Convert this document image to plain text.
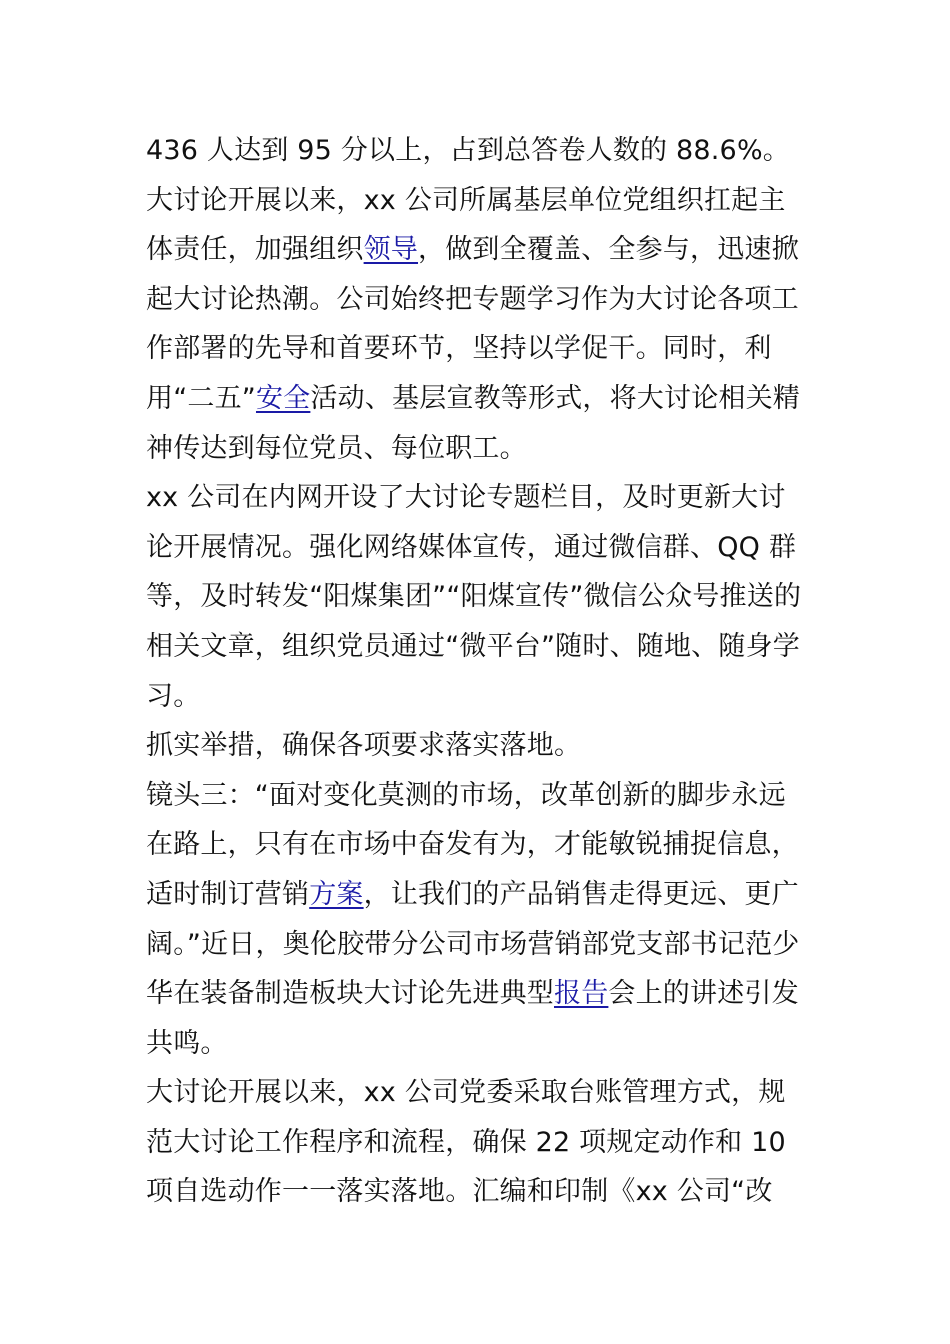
436 人达到 95 分以上，占到总答卷人数的 88.6%。

大讨论开展以来，xx 公司所属基层单位党组织扛起主体责任，加强组织领导，做到全覆盖、全参与，迅速掀起大讨论热潮。公司始终把专题学习作为大讨论各项工作部署的先导和首要环节，坚持以学促干。同时，利用“二五”安全活动、基层宣教等形式，将大讨论相关精神传达到每位党员、每位职工。

xx 公司在内网开设了大讨论专题栏目，及时更新大讨论开展情况。强化网络媒体宣传，通过微信群、QQ 群等，及时转发“阳煤集团”“阳煤宣传”微信公众号推送的相关文章，组织党员通过“微平台”随时、随地、随身学习。

抓实举措，确保各项要求落实落地。

镜头三：“面对变化莫测的市场，改革创新的脚步永远在路上，只有在市场中奋发有为，才能敏锐捕捉信息，适时制订营销方案，让我们的产品销售走得更远、更广阔。”近日，奥伦胶带分公司市场营销部党支部书记范少华在装备制造板块大讨论先进典型报告会上的讲述引发共鸣。

大讨论开展以来，xx 公司党委采取台账管理方式，规范大讨论工作程序和流程，确保 22 项规定动作和 10 项自选动作一一落实落地。汇编和印制《xx 公司“改
